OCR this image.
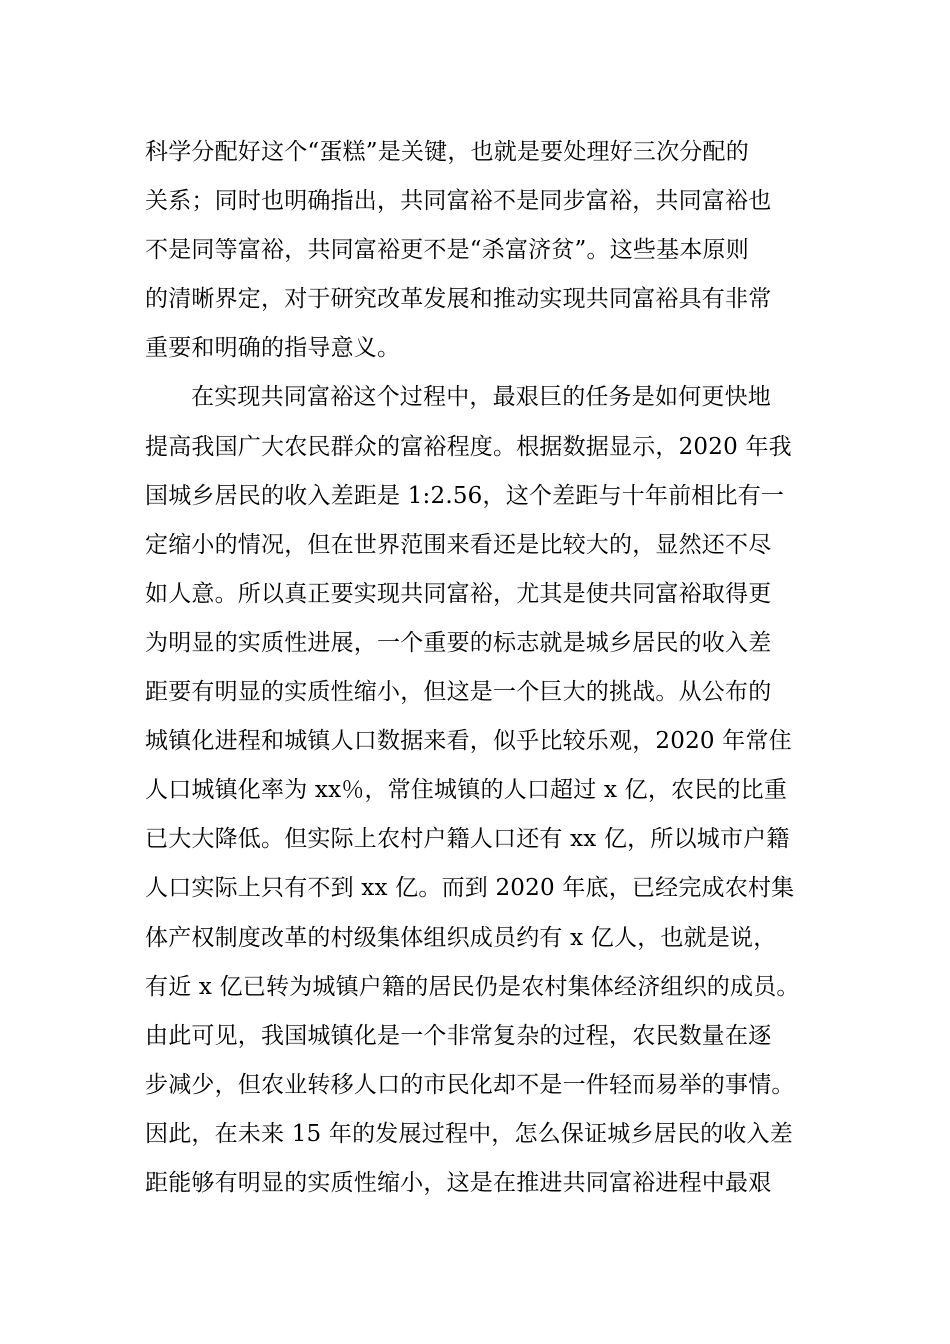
科学分配好这个“蛋糕”是关键，也就是要处理好三次分配的
关系；同时也明确指出，共同富裕不是同步富裕，共同富裕也
不是同等富裕，共同富裕更不是“杀富济贫”。这些基本原则
的清晰界定，对于研究改革发展和推动实现共同富裕具有非常
重要和明确的指导意义。
在实现共同富裕这个过程中，最艰巨的任务是如何更快地
提高我国广大农民群众的富裕程度。根据数据显示，2020 年我
国城乡居民的收入差距是 1:2.56，这个差距与十年前相比有一
定缩小的情况，但在世界范围来看还是比较大的，显然还不尽
如人意。所以真正要实现共同富裕，尤其是使共同富裕取得更
为明显的实质性进展，一个重要的标志就是城乡居民的收入差
距要有明显的实质性缩小，但这是一个巨大的挑战。从公布的
城镇化进程和城镇人口数据来看，似乎比较乐观，2020 年常住
人口城镇化率为 xx％，常住城镇的人口超过 x 亿，农民的比重
已大大降低。但实际上农村户籍人口还有 xx 亿，所以城市户籍
人口实际上只有不到 xx 亿。而到 2020 年底，已经完成农村集
体产权制度改革的村级集体组织成员约有 x 亿人，也就是说，
有近 x 亿已转为城镇户籍的居民仍是农村集体经济组织的成员。
由此可见，我国城镇化是一个非常复杂的过程，农民数量在逐
步减少，但农业转移人口的市民化却不是一件轻而易举的事情。
因此，在未来 15 年的发展过程中，怎么保证城乡居民的收入差
距能够有明显的实质性缩小，这是在推进共同富裕进程中最艰
